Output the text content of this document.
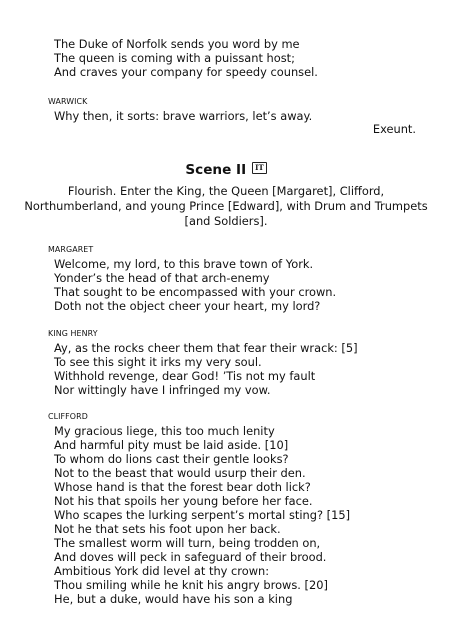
The Duke of Norfolk sends you word by me
The queen is coming with a puissant host;
And craves your company for speedy counsel.
WARWICK
Why then, it sorts: brave warriors, let’s away.
Exeunt.
Scene II IT
Flourish. Enter the King, the Queen [Margaret], Clifford,
Northumberland, and young Prince [Edward], with Drum and Trumpets
[and Soldiers].
MARGARET
Welcome, my lord, to this brave town of York.
Yonder’s the head of that arch-enemy
That sought to be encompassed with your crown.
Doth not the object cheer your heart, my lord?
KING HENRY
Ay, as the rocks cheer them that fear their wrack: [5]
To see this sight it irks my very soul.
Withhold revenge, dear God! ’Tis not my fault
Nor wittingly have I infringed my vow.
CLIFFORD
My gracious liege, this too much lenity
And harmful pity must be laid aside. [10]
To whom do lions cast their gentle looks?
Not to the beast that would usurp their den.
Whose hand is that the forest bear doth lick?
Not his that spoils her young before her face.
Who scapes the lurking serpent’s mortal sting? [15]
Not he that sets his foot upon her back.
The smallest worm will turn, being trodden on,
And doves will peck in safeguard of their brood.
Ambitious York did level at thy crown:
Thou smiling while he knit his angry brows. [20]
He, but a duke, would have his son a king
